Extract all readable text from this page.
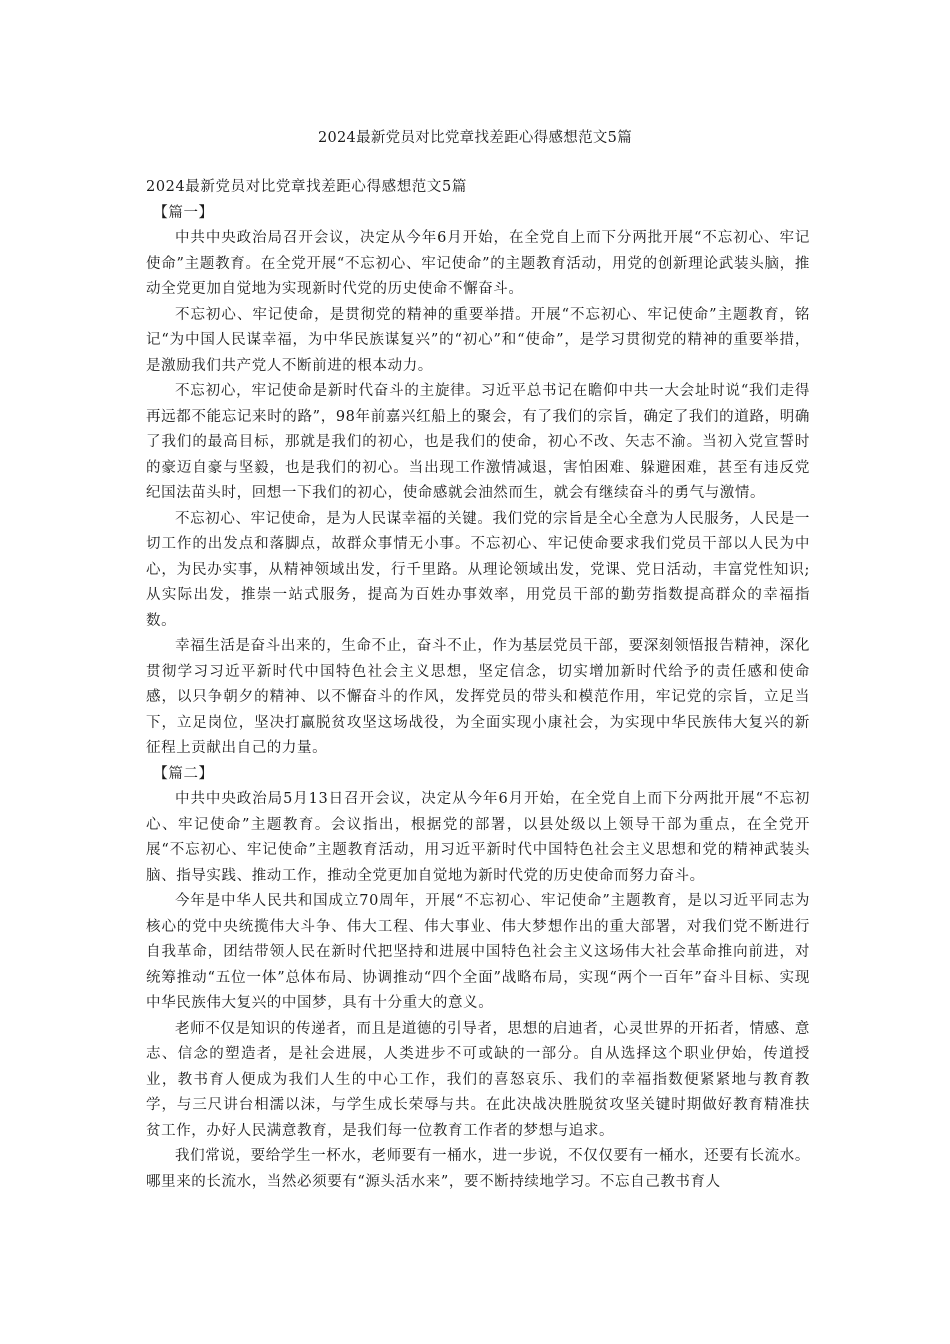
2024最新党员对比党章找差距心得感想范文5篇

2024最新党员对比党章找差距心得感想范文5篇

【篇一】

中共中央政治局召开会议，决定从今年6月开始，在全党自上而下分两批开展“不忘初心、牢记使命”主题教育。在全党开展“不忘初心、牢记使命”的主题教育活动，用党的创新理论武装头脑，推动全党更加自觉地为实现新时代党的历史使命不懈奋斗。

不忘初心、牢记使命，是贯彻党的精神的重要举措。开展“不忘初心、牢记使命”主题教育，铭记“为中国人民谋幸福，为中华民族谋复兴”的“初心”和“使命”，是学习贯彻党的精神的重要举措，是激励我们共产党人不断前进的根本动力。

不忘初心，牢记使命是新时代奋斗的主旋律。习近平总书记在瞻仰中共一大会址时说“我们走得再远都不能忘记来时的路”，98年前嘉兴红船上的聚会，有了我们的宗旨，确定了我们的道路，明确了我们的最高目标，那就是我们的初心，也是我们的使命，初心不改、矢志不渝。当初入党宣誓时的豪迈自豪与坚毅，也是我们的初心。当出现工作激情减退，害怕困难、躲避困难，甚至有违反党纪国法苗头时，回想一下我们的初心，使命感就会油然而生，就会有继续奋斗的勇气与激情。

不忘初心、牢记使命，是为人民谋幸福的关键。我们党的宗旨是全心全意为人民服务，人民是一切工作的出发点和落脚点，故群众事情无小事。不忘初心、牢记使命要求我们党员干部以人民为中心，为民办实事，从精神领域出发，行千里路。从理论领域出发，党课、党日活动，丰富党性知识;从实际出发，推崇一站式服务，提高为百姓办事效率，用党员干部的勤劳指数提高群众的幸福指数。

幸福生活是奋斗出来的，生命不止，奋斗不止，作为基层党员干部，要深刻领悟报告精神，深化贯彻学习习近平新时代中国特色社会主义思想，坚定信念，切实增加新时代给予的责任感和使命感，以只争朝夕的精神、以不懈奋斗的作风，发挥党员的带头和模范作用，牢记党的宗旨，立足当下，立足岗位，坚决打赢脱贫攻坚这场战役，为全面实现小康社会，为实现中华民族伟大复兴的新征程上贡献出自己的力量。

【篇二】

中共中央政治局5月13日召开会议，决定从今年6月开始，在全党自上而下分两批开展“不忘初心、牢记使命”主题教育。会议指出，根据党的部署，以县处级以上领导干部为重点，在全党开展“不忘初心、牢记使命”主题教育活动，用习近平新时代中国特色社会主义思想和党的精神武装头脑、指导实践、推动工作，推动全党更加自觉地为新时代党的历史使命而努力奋斗。

今年是中华人民共和国成立70周年，开展“不忘初心、牢记使命”主题教育，是以习近平同志为核心的党中央统揽伟大斗争、伟大工程、伟大事业、伟大梦想作出的重大部署，对我们党不断进行自我革命，团结带领人民在新时代把坚持和进展中国特色社会主义这场伟大社会革命推向前进，对统筹推动“五位一体”总体布局、协调推动“四个全面”战略布局，实现“两个一百年”奋斗目标、实现中华民族伟大复兴的中国梦，具有十分重大的意义。

老师不仅是知识的传递者，而且是道德的引导者，思想的启迪者，心灵世界的开拓者，情感、意志、信念的塑造者，是社会进展，人类进步不可或缺的一部分。自从选择这个职业伊始，传道授业，教书育人便成为我们人生的中心工作，我们的喜怒哀乐、我们的幸福指数便紧紧地与教育教学，与三尺讲台相濡以沫，与学生成长荣辱与共。在此决战决胜脱贫攻坚关键时期做好教育精准扶贫工作，办好人民满意教育，是我们每一位教育工作者的梦想与追求。

我们常说，要给学生一杯水，老师要有一桶水，进一步说，不仅仅要有一桶水，还要有长流水。哪里来的长流水，当然必须要有“源头活水来”，要不断持续地学习。不忘自己教书育人
